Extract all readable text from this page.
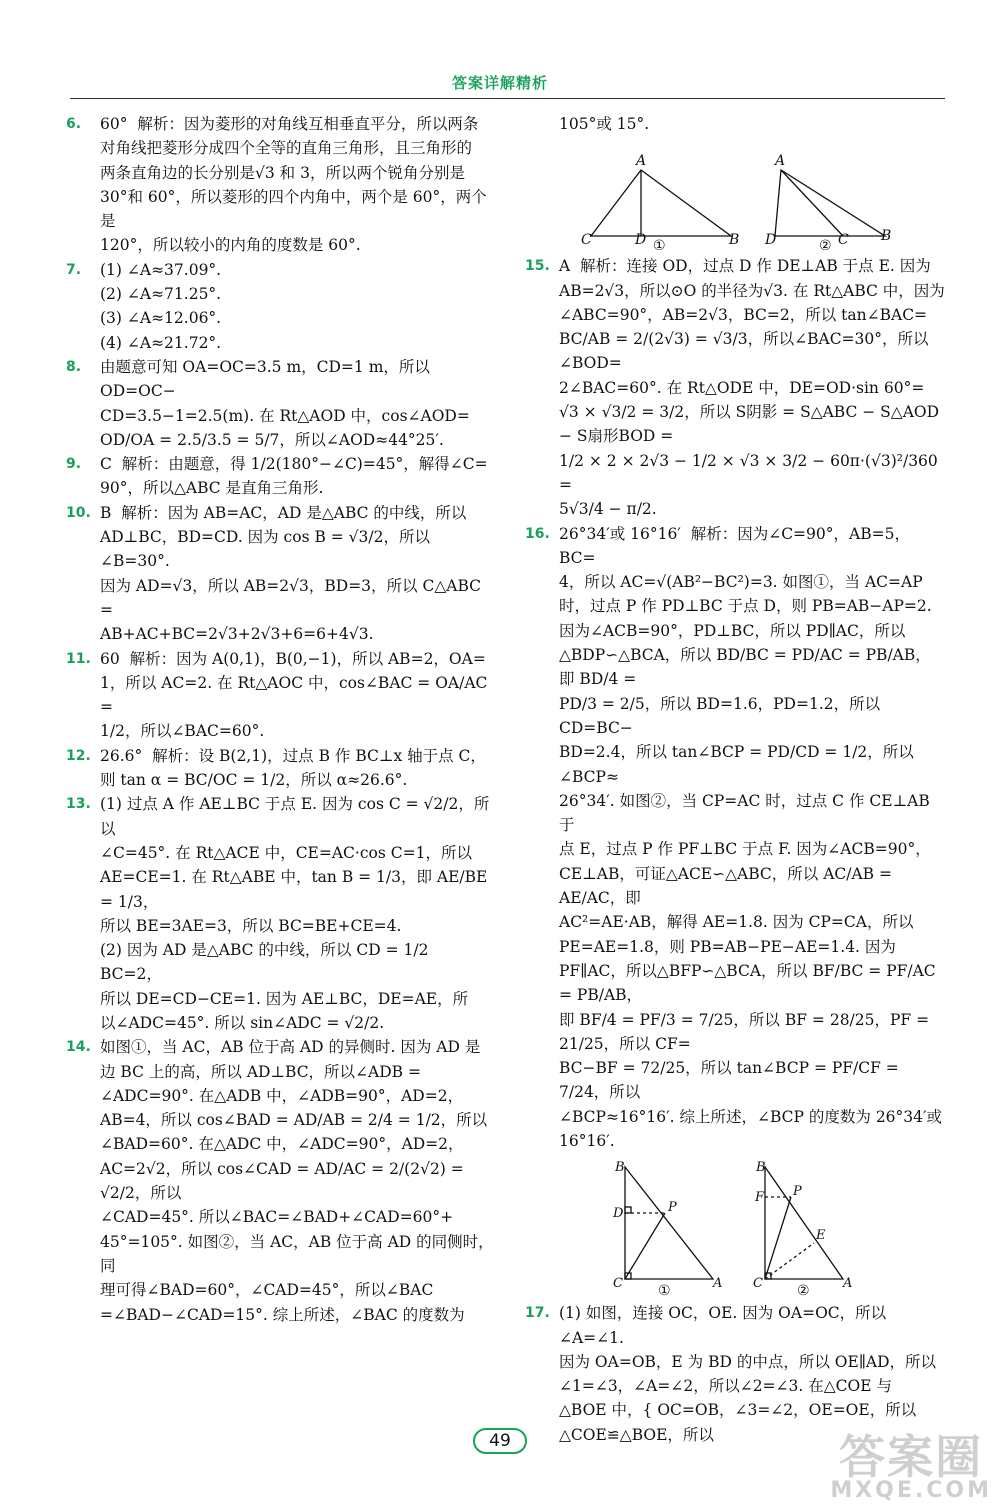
答案详解精析
6. 60°  解析：因为菱形的对角线互相垂直平分，所以两条
对角线把菱形分成四个全等的直角三角形，且三角形的
两条直角边的长分别是√3 和 3，所以两个锐角分别是
30°和 60°，所以菱形的四个内角中，两个是 60°，两个是
120°，所以较小的内角的度数是 60°.
7. (1) ∠A≈37.09°.
(2) ∠A≈71.25°.
(3) ∠A≈12.06°.
(4) ∠A≈21.72°.
8. 由题意可知 OA=OC=3.5 m，CD=1 m，所以 OD=OC−
CD=3.5−1=2.5(m). 在 Rt△AOD 中，cos∠AOD=
OD/OA = 2.5/3.5 = 5/7，所以∠AOD≈44°25′.
9. C  解析：由题意，得 1/2(180°−∠C)=45°，解得∠C=
90°，所以△ABC 是直角三角形.
10. B  解析：因为 AB=AC，AD 是△ABC 的中线，所以
AD⊥BC，BD=CD. 因为 cos B = √3/2，所以∠B=30°.
因为 AD=√3，所以 AB=2√3，BD=3，所以 C△ABC =
AB+AC+BC=2√3+2√3+6=6+4√3.
11. 60  解析：因为 A(0,1)，B(0,−1)，所以 AB=2，OA=
1，所以 AC=2. 在 Rt△AOC 中，cos∠BAC = OA/AC =
1/2，所以∠BAC=60°.
12. 26.6°  解析：设 B(2,1)，过点 B 作 BC⊥x 轴于点 C，
则 tan α = BC/OC = 1/2，所以 α≈26.6°.
13. (1) 过点 A 作 AE⊥BC 于点 E. 因为 cos C = √2/2，所以
∠C=45°. 在 Rt△ACE 中，CE=AC·cos C=1，所以
AE=CE=1. 在 Rt△ABE 中，tan B = 1/3，即 AE/BE = 1/3，
所以 BE=3AE=3，所以 BC=BE+CE=4.
(2) 因为 AD 是△ABC 的中线，所以 CD = 1/2 BC=2，
所以 DE=CD−CE=1. 因为 AE⊥BC，DE=AE，所
以∠ADC=45°. 所以 sin∠ADC = √2/2.
14. 如图①，当 AC，AB 位于高 AD 的异侧时. 因为 AD 是
边 BC 上的高，所以 AD⊥BC，所以∠ADB =
∠ADC=90°. 在△ADB 中，∠ADB=90°，AD=2，
AB=4，所以 cos∠BAD = AD/AB = 2/4 = 1/2，所以
∠BAD=60°. 在△ADC 中，∠ADC=90°，AD=2，
AC=2√2，所以 cos∠CAD = AD/AC = 2/(2√2) = √2/2，所以
∠CAD=45°. 所以∠BAC=∠BAD+∠CAD=60°+
45°=105°. 如图②，当 AC，AB 位于高 AD 的同侧时，同
理可得∠BAD=60°，∠CAD=45°，所以∠BAC
=∠BAD−∠CAD=15°. 综上所述，∠BAC 的度数为
105°或 15°.
A
C	D	B
A
D	C B
①	②
15. A  解析：连接 OD，过点 D 作 DE⊥AB 于点 E. 因为
AB=2√3，所以⊙O 的半径为√3. 在 Rt△ABC 中，因为
∠ABC=90°，AB=2√3，BC=2，所以 tan∠BAC=
BC/AB = 2/(2√3) = √3/3，所以∠BAC=30°，所以∠BOD=
2∠BAC=60°. 在 Rt△ODE 中，DE=OD·sin 60°=
√3 × √3/2 = 3/2，所以 S阴影 = S△ABC − S△AOD − S扇形BOD =
1/2 × 2 × 2√3 − 1/2 × √3 × 3/2 − 60π·(√3)²/360 =
5√3/4 − π/2.
16. 26°34′或 16°16′  解析：因为∠C=90°，AB=5，BC=
4，所以 AC=√(AB²−BC²)=3. 如图①，当 AC=AP
时，过点 P 作 PD⊥BC 于点 D，则 PB=AB−AP=2.
因为∠ACB=90°，PD⊥BC，所以 PD∥AC，所以
△BDP∽△BCA，所以 BD/BC = PD/AC = PB/AB，即 BD/4 =
PD/3 = 2/5，所以 BD=1.6，PD=1.2，所以 CD=BC−
BD=2.4，所以 tan∠BCP = PD/CD = 1/2，所以∠BCP≈
26°34′. 如图②，当 CP=AC 时，过点 C 作 CE⊥AB 于
点 E，过点 P 作 PF⊥BC 于点 F. 因为∠ACB=90°，
CE⊥AB，可证△ACE∽△ABC，所以 AC/AB = AE/AC，即
AC²=AE·AB，解得 AE=1.8. 因为 CP=CA，所以
PE=AE=1.8，则 PB=AB−PE−AE=1.4. 因为
PF∥AC，所以△BFP∽△BCA，所以 BF/BC = PF/AC = PB/AB，
即 BF/4 = PF/3 = 7/25，所以 BF = 28/25，PF = 21/25，所以 CF=
BC−BF = 72/25，所以 tan∠BCP = PF/CF = 7/24，所以
∠BCP≈16°16′. 综上所述，∠BCP 的度数为 26°34′或
16°16′.
B
D	P
C	A
B
F P
E
C	A
①	②
17. (1) 如图，连接 OC，OE. 因为 OA=OC，所以∠A=∠1.
因为 OA=OB，E 为 BD 的中点，所以 OE∥AD，所以
∠1=∠3，∠A=∠2，所以∠2=∠3. 在△COE 与
△BOE 中，{ OC=OB，∠3=∠2，OE=OE，所以△COE≌△BOE，所以
49	答案圈
MXQE.COM
